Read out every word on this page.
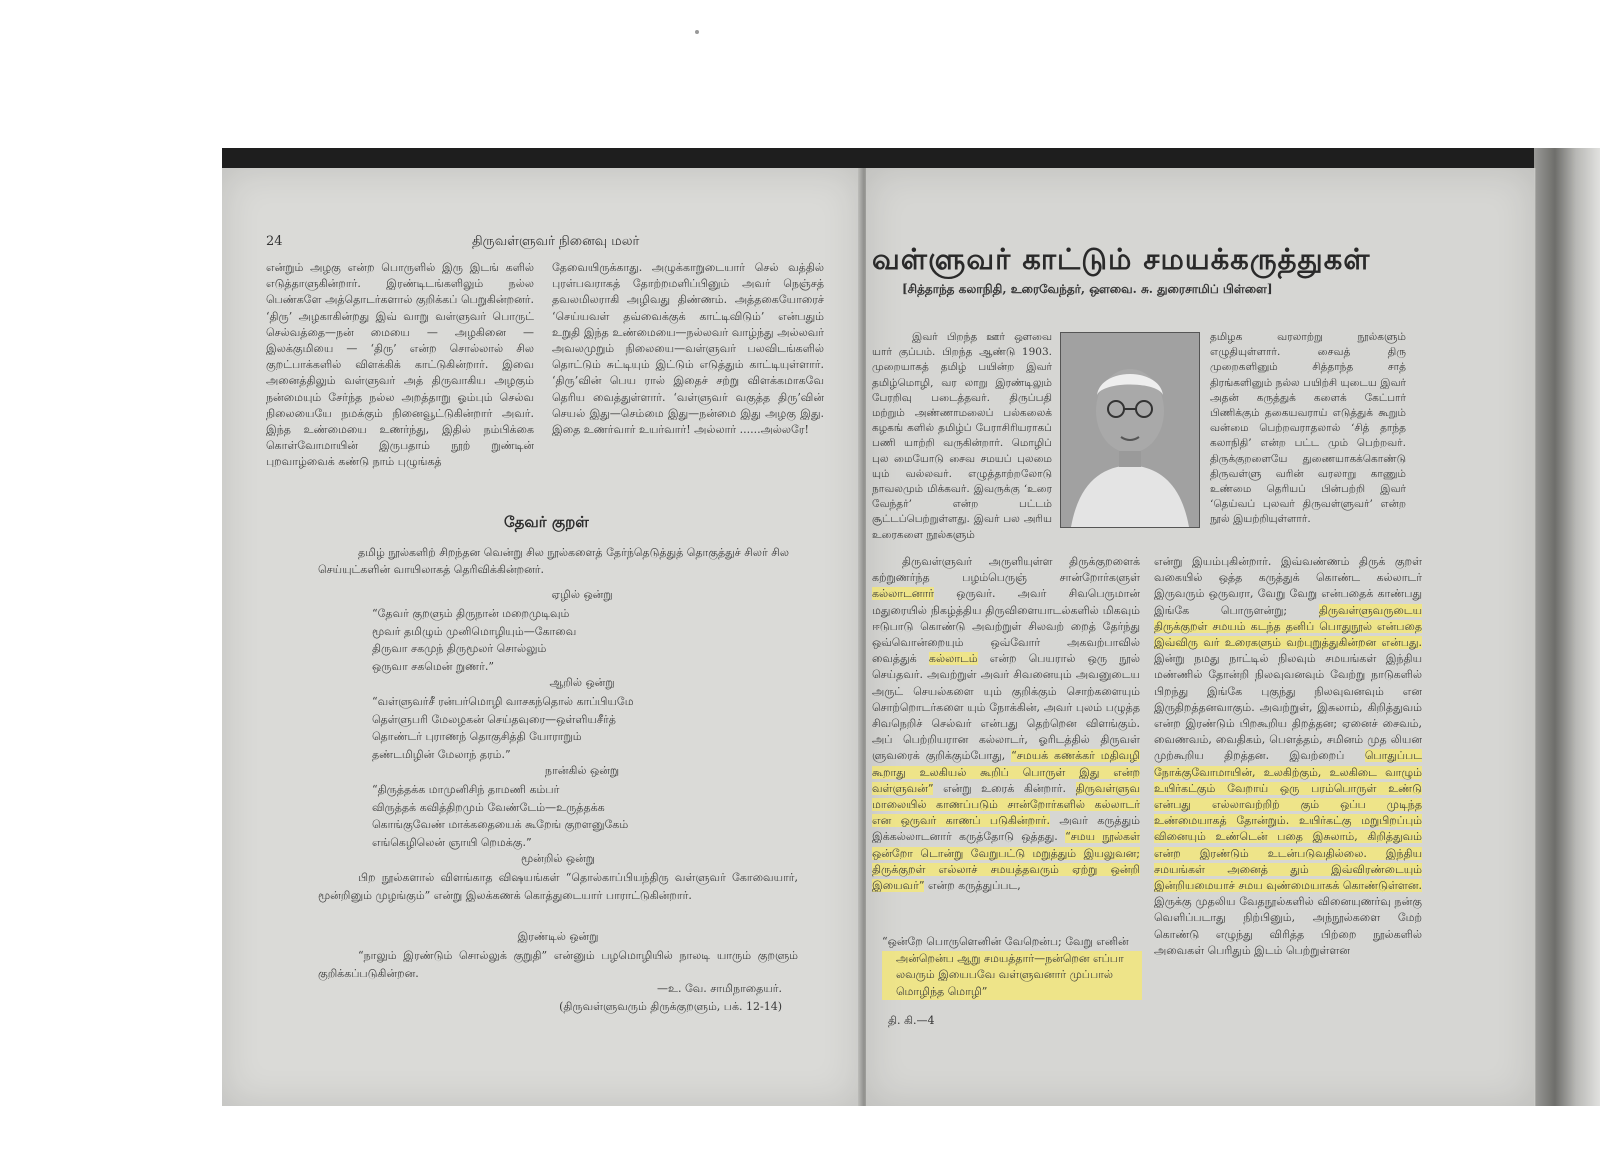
24	திருவள்ளுவர் நினைவு மலர்

என்றும் அழகு என்ற பொருளில் இரு இடங் களில் எடுத்தாளுகின்றார். இரண்டிடங்களிலும் நல்ல பெண்களே அத்தொடர்களால் குறிக்கப் பெறுகின்றனர். ‘திரு’ அழகாகின்றது இவ் வாறு வள்ளுவர் பொருட் செல்வத்தை—நன் மையை — அழகினை — இலக்குமியை — ‘திரு’ என்ற சொல்லால் சில குறட்பாக்களில் விளக்கிக் காட்டுகின்றார். இவை அனைத்திலும் வள்ளுவர் அத் திருவாகிய அழகும் நன்மையும் சேர்ந்த நல்ல அறத்தாறு ஓம்பும் செல்வ நிலையையே நமக்கும் நினைவூட்டுகின்றார் அவர். இந்த உண்மையை உணர்ந்து, இதில் நம்பிக்கை கொள்வோமாயின் இருபதாம் நூற் றுண்டின் புறவாழ்வைக் கண்டு நாம் புழுங்கத்

தேவையிருக்காது. அழுக்காறுடையார் செல் வத்தில் புரள்பவராகத் தோற்றமளிப்பினும் அவர் நெஞ்சத் தவலமிலராகி அழிவது திண்ணம். அத்தகையோரைச் ‘செய்யவள் தவ்வைக்குக் காட்டிவிடும்’ என்பதும் உறுதி இந்த உண்மையை—நல்லவர் வாழ்ந்து அல்லவர் அவலமுறும் நிலையை—வள்ளுவர் பலவிடங்களில் தொட்டும் சுட்டியும் இட்டும் எடுத்தும் காட்டியுள்ளார். ‘திரு’வின் பெய ரால் இதைச் சற்று விளக்கமாகவே தெரிய வைத்துள்ளார். ‘வள்ளுவர் வகுத்த திரு’வின் செயல் இது—செம்மை இது—நன்மை இது அழகு இது. இதை உணர்வார் உயர்வார்! அல்லார் ......அல்லரே!

தேவர் குறள்
தமிழ் நூல்களிற் சிறந்தன வென்று சில நூல்களைத் தேர்ந்தெடுத்துத் தொகுத்துச் சிலர் சில செய்யுட்களின் வாயிலாகத் தெரிவிக்கின்றனர்.
ஏழில் ஒன்று
“தேவர் குறளும் திருநான் மறைமுடிவும்
மூவர் தமிழும் முனிமொழியும்—கோவை
திருவா சகமுந் திருமூலர் சொல்லும்
ஒருவா சகமென் றுணர்.”
ஆறில் ஒன்று
“வள்ளுவர்சீ ரன்பர்மொழி வாசகந்தொல் காப்பியமே
தெள்ளுபரி மேலழகன் செய்தவுரை—ஒள்ளியசீர்த்
தொண்டர் புராணந் தொகுசித்தி யோராறும்
தண்டமிழின் மேலாந் தரம்.”
நான்கில் ஒன்று
“திருத்தக்க மாமுனிசிந் தாமணி கம்பர்
விருத்தக் கவித்திறமும் வேண்டேம்—உருத்தக்க
கொங்குவேண் மாக்கதையைக் கூறேங் குறளனுகேம்
எங்கெழிலென் ஞாயி றெமக்கு.”
மூன்றில் ஒன்று
பிற நூல்களால் விளங்காத விஷயங்கள் “தொல்காப்பியந்திரு வள்ளுவர் கோவையார், மூன்றினும் முழங்கும்” என்று இலக்கணக் கொத்துடையார் பாராட்டுகின்றார்.
இரண்டில் ஒன்று
“நாலும் இரண்டும் சொல்லுக் குறுதி” என்னும் பழமொழியில் நாலடி யாரும் குறளும் குறிக்கப்படுகின்றன.
—உ. வே. சாமிநாதையர்.
(திருவள்ளுவரும் திருக்குறளும், பக். 12-14)
வள்ளுவர் காட்டும் சமயக்கருத்துகள்
[சித்தாந்த கலாநிதி, உரைவேந்தர், ஔவை. சு. துரைசாமிப் பிள்ளை]

இவர் பிறந்த ஊர் ஔவை யார் குப்பம். பிறந்த ஆண்டு 1903. முறையாகத் தமிழ் பயின்ற இவர் தமிழ்மொழி, வர லாறு இரண்டிலும் பேரறிவு படைத்தவர். திருப்பதி மற்றும் அண்ணாமலைப் பல்கலைக் கழகங் களில் தமிழ்ப் பேராசிரியராகப் பணி யாற்றி வருகின்றார். மொழிப் புல மையோடு சைவ சமயப் புலமை யும் வல்லவர். எழுத்தாற்றலோடு நாவலமும் மிக்கவர். இவருக்கு ‘உரை வேந்தர்’ என்ற பட்டம் சூட்டப்பெற்றுள்ளது. இவர் பல அரிய உரைகளை நூல்களும்

தமிழக வரலாற்று நூல்களும் எழுதியுள்ளார். சைவத் திரு முறைகளினும் சித்தாந்த சாத் திரங்களினும் நல்ல பயிற்சி யுடைய இவர் அதன் கருத்துக் களைக் கேட்பார் பிணிக்கும் தகையவராய் எடுத்துக் கூறும் வன்மை பெற்றவராதலால் ‘சித் தாந்த கலாநிதி’ என்ற பட்ட மும் பெற்றவர். திருக்குறளையே துணையாகக்கொண்டு திருவள்ளு வரின் வரலாறு காணும் உண்மை தெரியப் பின்பற்றி இவர் ‘தெய்வப் புலவர் திருவள்ளுவர்’ என்ற நூல் இயற்றியுள்ளார்.

திருவள்ளுவர் அருளியுள்ள திருக்குறளைக் கற்றுணர்ந்த பழம்பெருஞ் சான்றோர்களுள் கல்லாடனார் ஒருவர். அவர் சிவபெருமான் மதுரையில் நிகழ்த்திய திருவிளையாடல்களில் மிகவும் ஈடுபாடு கொண்டு அவற்றுள் சிலவற் றைத் தேர்ந்து ஒவ்வொன்றையும் ஒவ்வோர் அகவற்பாவில் வைத்துக் கல்லாடம் என்ற பெயரால் ஒரு நூல் செய்தவர். அவற்றுள் அவர் சிவனையும் அவனுடைய அருட் செயல்களை யும் குறிக்கும் சொற்களையும் சொற்றொடர்களை யும் நோக்கின், அவர் புலம் பழுத்த சிவநெறிச் செல்வர் என்பது தெற்றென விளங்கும். அப் பெற்றியரான கல்லாடர், ஓரிடத்தில் திருவள் ளுவரைக் குறிக்கும்போது, “சமயக் கணக்கர் மதிவழி கூறாது உலகியல் கூறிப் பொருள் இது என்ற வள்ளுவன்” என்று உரைக் கின்றார். திருவள்ளுவ மாலையில் காணப்படும் சான்றோர்களில் கல்லாடர் என ஒருவர் காணப் படுகின்றார். அவர் கருத்தும் இக்கல்லாடனார் கருத்தோடு ஒத்தது. “சமய நூல்கள் ஒன்றோ டொன்று வேறுபட்டு மறுத்தும் இயலுவன; திருக்குறள் எல்லாச் சமயத்தவரும் ஏற்று ஒன்றி இயைவர்” என்ற கருத்துப்பட,

“ஒன்றே பொருளெனின் வேறென்ப; வேறு எனின்
அன்றென்ப ஆறு சமயத்தார்—நன்றென எப்பா லவரும் இயைபவே வள்ளுவனார் முப்பால் மொழிந்த மொழி”
தி. கி.—4

என்று இயம்புகின்றார். இவ்வண்ணம் திருக் குறள் வகையில் ஒத்த கருத்துக் கொண்ட கல்லாடர் இருவரும் ஒருவரா, வேறு வேறு என்பதைக் காண்பது இங்கே பொருளன்று; திருவள்ளுவருடைய திருக்குறள் சமயம் கடந்த தனிப் பொதுநூல் என்பதை இவ்விரு வர் உரைகளும் வற்புறுத்துகின்றன என்பது. இன்று நமது நாட்டில் நிலவும் சமயங்கள் இந்திய மண்ணில் தோன்றி நிலவுவனவும் வேற்று நாடுகளில் பிறந்து இங்கே புகுந்து நிலவுவனவும் என இருதிறத்தனவாகும். அவற்றுள், இசுலாம், கிறித்துவம் என்ற இரண்டும் பிறகூறிய திறத்தன; ஏனைச் சைவம், வைணவம், வைதிகம், பௌத்தம், சமினம் முத லியன முற்கூறிய திறத்தன. இவற்றைப் பொதுப்பட நோக்குவோமாயின், உலகிற்கும், உலகிடை வாழும் உயிர்கட்கும் வேறாய் ஒரு பரம்பொருள் உண்டு என்பது எல்லாவற்றிற் கும் ஒப்ப முடிந்த உண்மையாகத் தோன்றும். உயிர்கட்கு மறுபிறப்பும் வினையும் உண்டென் பதை இசுலாம், கிறித்துவம் என்ற இரண்டும் உடன்படுவதில்லை. இந்திய சமயங்கள் அனைத் தும் இவ்விரண்டையும் இன்றியமையாச் சமய வுண்மையாகக் கொண்டுள்ளன. இருக்கு முதலிய வேதநூல்களில் வினையுணர்வு நன்கு வெளிப்படாது நிற்பினும், அந்நூல்களை மேற் கொண்டு எழுந்து விரித்த பிற்றை நூல்களில் அவைகள் பெரிதும் இடம் பெற்றுள்ளன
